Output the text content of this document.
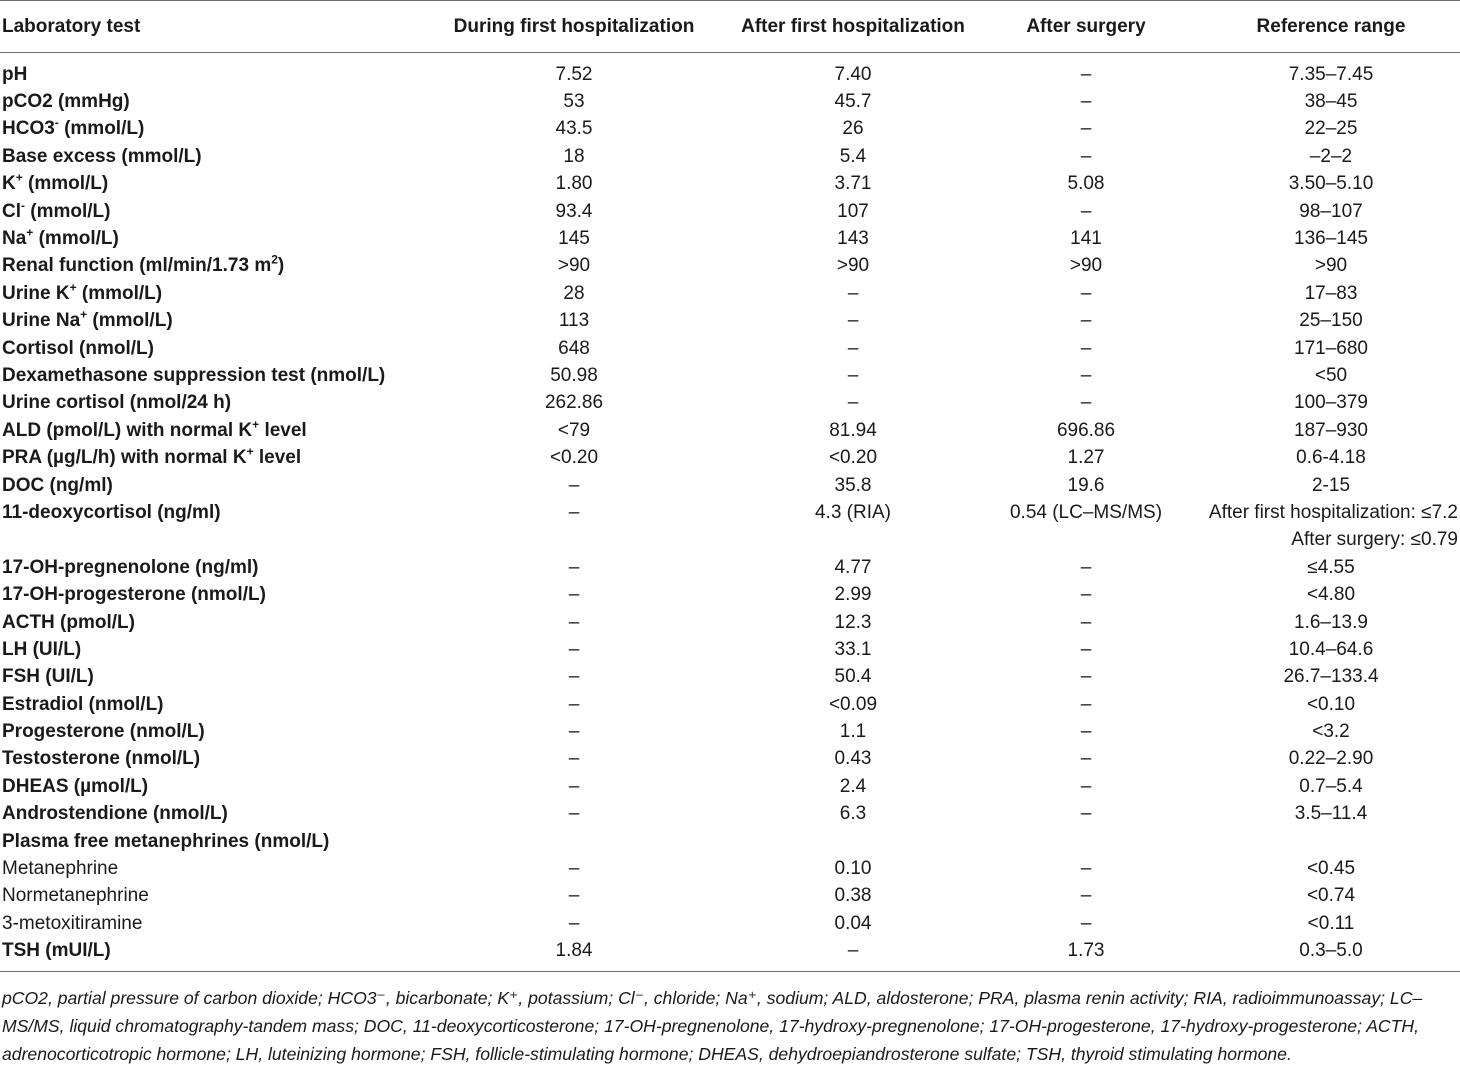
Laboratory test	During first hospitalization	After first hospitalization	After surgery	Reference range
pH	7.52	7.40	–	7.35–7.45
pCO2 (mmHg)	53	45.7	–	38–45
HCO3- (mmol/L)	43.5	26	–	22–25
Base excess (mmol/L)	18	5.4	–	–2–2
K+ (mmol/L)	1.80	3.71	5.08	3.50–5.10
Cl- (mmol/L)	93.4	107	–	98–107
Na+ (mmol/L)	145	143	141	136–145
Renal function (ml/min/1.73 $m^2$)	>90	>90	>90	>90
Urine K+ (mmol/L)	28	–	–	17–83
Urine Na+ (mmol/L)	113	–	–	25–150
Cortisol (nmol/L)	648	–	–	171–680
Dexamethasone suppression test (nmol/L)	50.98	–	–	<50
Urine cortisol (nmol/24 h)	262.86	–	–	100–379
ALD (pmol/L) with normal K+ level	<79	81.94	696.86	187–930
PRA (µg/L/h) with normal K+ level	<0.20	<0.20	1.27	0.6-4.18
DOC (ng/ml)	–	35.8	19.6	2-15
11-deoxycortisol (ng/ml)	–	4.3 (RIA)	0.54 (LC–MS/MS)	After first hospitalization: ≤7.2
				After surgery: ≤0.79
17-OH-pregnenolone (ng/ml)	–	4.77	–	≤4.55
17-OH-progesterone (nmol/L)	–	2.99	–	<4.80
ACTH (pmol/L)	–	12.3	–	1.6–13.9
LH (UI/L)	–	33.1	–	10.4–64.6
FSH (UI/L)	–	50.4	–	26.7–133.4
Estradiol (nmol/L)	–	<0.09	–	<0.10
Progesterone (nmol/L)	–	1.1	–	<3.2
Testosterone (nmol/L)	–	0.43	–	0.22–2.90
DHEAS (µmol/L)	–	2.4	–	0.7–5.4
Androstendione (nmol/L)	–	6.3	–	3.5–11.4
Plasma free metanephrines (nmol/L)				
Metanephrine	–	0.10	–	<0.45
Normetanephrine	–	0.38	–	<0.74
3-metoxitiramine	–	0.04	–	<0.11
TSH (mUI/L)	1.84	–	1.73	0.3–5.0
pCO2, partial pressure of carbon dioxide; HCO3⁻, bicarbonate; K⁺, potassium; Cl⁻, chloride; Na⁺, sodium; ALD, aldosterone; PRA, plasma renin activity; RIA, radioimmunoassay; LC–MS/MS, liquid chromatography-tandem mass; DOC, 11-deoxycorticosterone; 17-OH-pregnenolone, 17-hydroxy-pregnenolone; 17-OH-progesterone, 17-hydroxy-progesterone; ACTH, adrenocorticotropic hormone; LH, luteinizing hormone; FSH, follicle-stimulating hormone; DHEAS, dehydroepiandrosterone sulfate; TSH, thyroid stimulating hormone.
